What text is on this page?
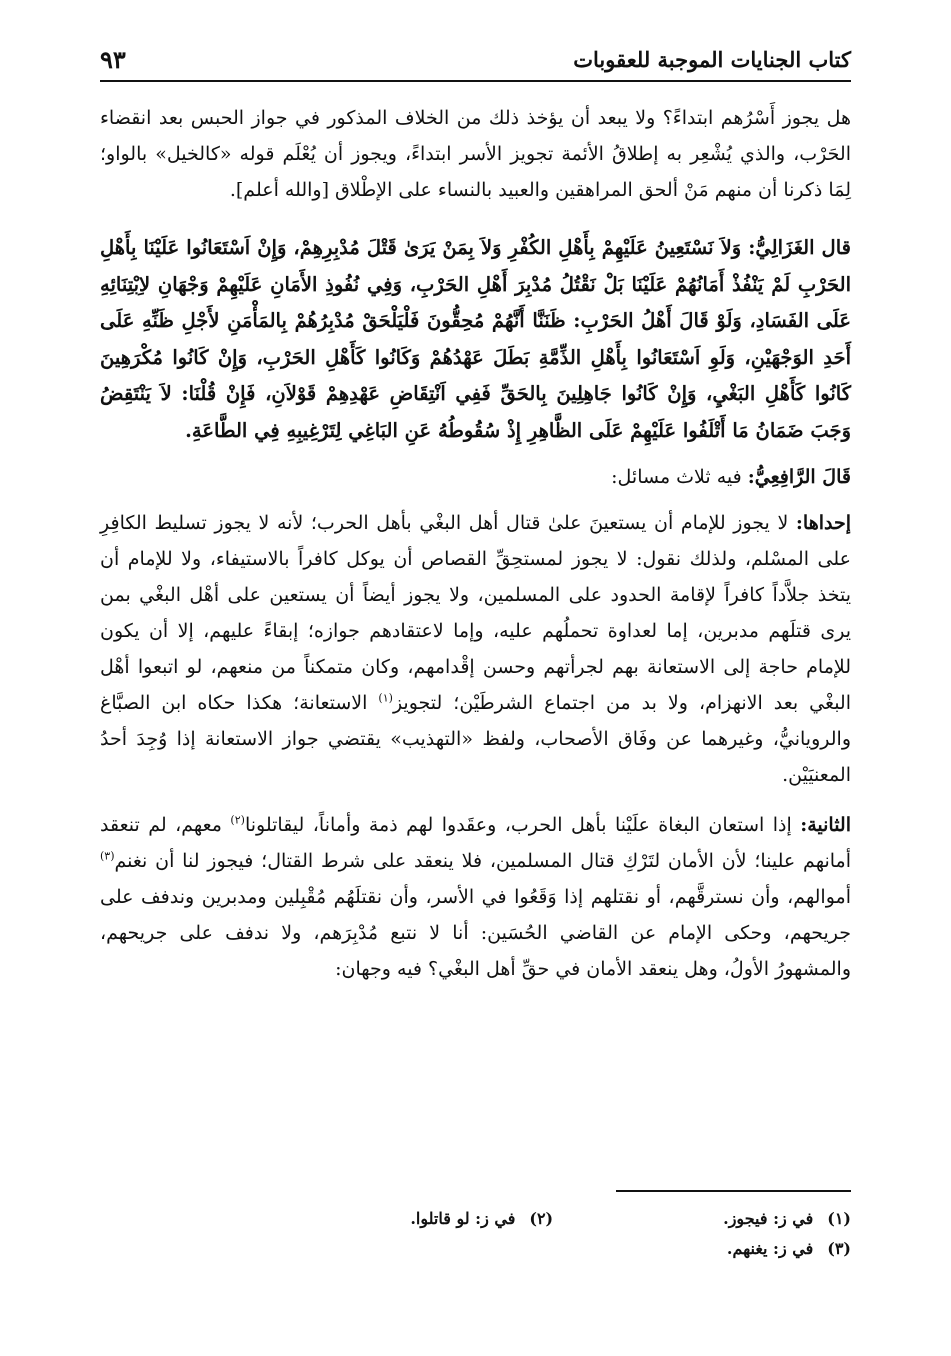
كتاب الجنايات الموجبة للعقوبات
٩٣

هل يجوز أَسْرُهم ابتداءً؟ ولا يبعد أن يؤخذ ذلك من الخلاف المذكور في جواز الحبس بعد انقضاء الحَرْب، والذي يُشْعِر به إطلاقُ الأئمة تجويز الأسر ابتداءً، ويجوز أن يُعْلَم قوله «كالخيل» بالواو؛ لِمَا ذكرنا أن منهم مَنْ ألحق المراهقين والعبيد بالنساء على الإطْلاق [والله أعلم].

قال الغَزَالِيُّ: وَلاَ نَسْتَعِينُ عَلَيْهِمْ بِأَهْلِ الكُفْرِ وَلاَ بِمَنْ يَرَىٰ قَتْلَ مُدْبِرِهِمْ، وَإِنْ اَسْتَعَانُوا عَلَيْنَا بِأَهْلِ الحَرْبِ لَمْ يَنْفُذْ أَمَانُهُمْ عَلَيْنَا بَلْ نَقْتُلُ مُدْبِرَ أَهْلِ الحَرْبِ، وَفِي نُفُوذِ الأَمَانِ عَلَيْهِمْ وَجْهَانِ لاِبْتِنَائِهِ عَلَى الفَسَادِ، وَلَوْ قَالَ أَهْلُ الحَرْبِ: ظَنَنَّا أَنَّهُمْ مُحِقُّونَ فَلْيَلْحَقْ مُدْبِرُهُمْ بِالمَأْمَنِ لأَجْلِ ظَنِّهِ عَلَى أَحَدِ الوَجْهَيْنِ، وَلَوِ اَسْتَعَانُوا بِأَهْلِ الذِّمَّةِ بَطَلَ عَهْدُهُمْ وَكَانُوا كَأَهْلِ الحَرْبِ، وَإِنْ كَانُوا مُكْرَهِينَ كَانُوا كَأَهْلِ البَغْيِ، وَإِنْ كَانُوا جَاهِلِينَ بِالحَقِّ فَفِي اَنْتِقَاضِ عَهْدِهِمْ قَوْلاَنِ، فَإِنْ قُلْنَا: لاَ يَنْتَقِضُ وَجَبَ ضَمَانُ مَا أَتْلَفُوا عَلَيْهِمْ عَلَى الظَّاهِرِ إِذْ سُقُوطُهُ عَنِ البَاغِي لِتَرْغِيبِهِ فِي الطَّاعَةِ.

قَالَ الرَّافِعِيُّ: فيه ثلاث مسائل:

إحداها: لا يجوز للإمام أن يستعينَ علىٰ قتال أهل البغْي بأهل الحرب؛ لأنه لا يجوز تسليط الكافِرِ على المسْلم، ولذلك نقول: لا يجوز لمستحِقِّ القصاص أن يوكل كافراً بالاستيفاء، ولا للإمام أن يتخذ جلاَّداً كافراً لإقامة الحدود على المسلمين، ولا يجوز أيضاً أن يستعين على أهْل البغْي بمن يرى قتلَهم مدبرين، إما لعداوة تحملُهم عليه، وإما لاعتقادهم جوازه؛ إبقاءً عليهم، إلا أن يكون للإمام حاجة إلى الاستعانة بهم لجرأتهم وحسن إقْدامهم، وكان متمكناً من منعهم، لو اتبعوا أهْل البغْي بعد الانهزام، ولا بد من اجتماع الشرطَيْن؛ لتجويز$^{(١)}$ الاستعانة؛ هكذا حكاه ابن الصبَّاغ والرويانيُّ، وغيرهما عن وفَاق الأصحاب، ولفظ «التهذيب» يقتضي جواز الاستعانة إذا وُجِدَ أحدُ المعنيَيْن.

الثانية: إذا استعان البغاة علَيْنا بأهل الحرب، وعقَدوا لهم ذمة وأماناً، ليقاتلونا$^{(٢)}$ معهم، لم تنعقد أمانهم علينا؛ لأن الأمان لتَرْكِ قتال المسلمين، فلا ينعقد على شرط القتال؛ فيجوز لنا أن نغنم$^{(٣)}$ أموالهم، وأن نسترقَّهم، أو نقتلهم إذا وَقَعُوا في الأسر، وأن نقتلَهُم مُقْبِلين ومدبرين وندفف على جريحهم، وحكى الإمام عن القاضي الحُسَين: أنا لا نتبع مُدْبِرَهم، ولا ندفف على جريحهم، والمشهورُ الأولُ، وهل ينعقد الأمان في حقِّ أهل البغْي؟ فيه وجهان:

(١)في ز: فيجوز.
(٢)في ز: لو قاتلوا.
(٣)في ز: يغنهم.
